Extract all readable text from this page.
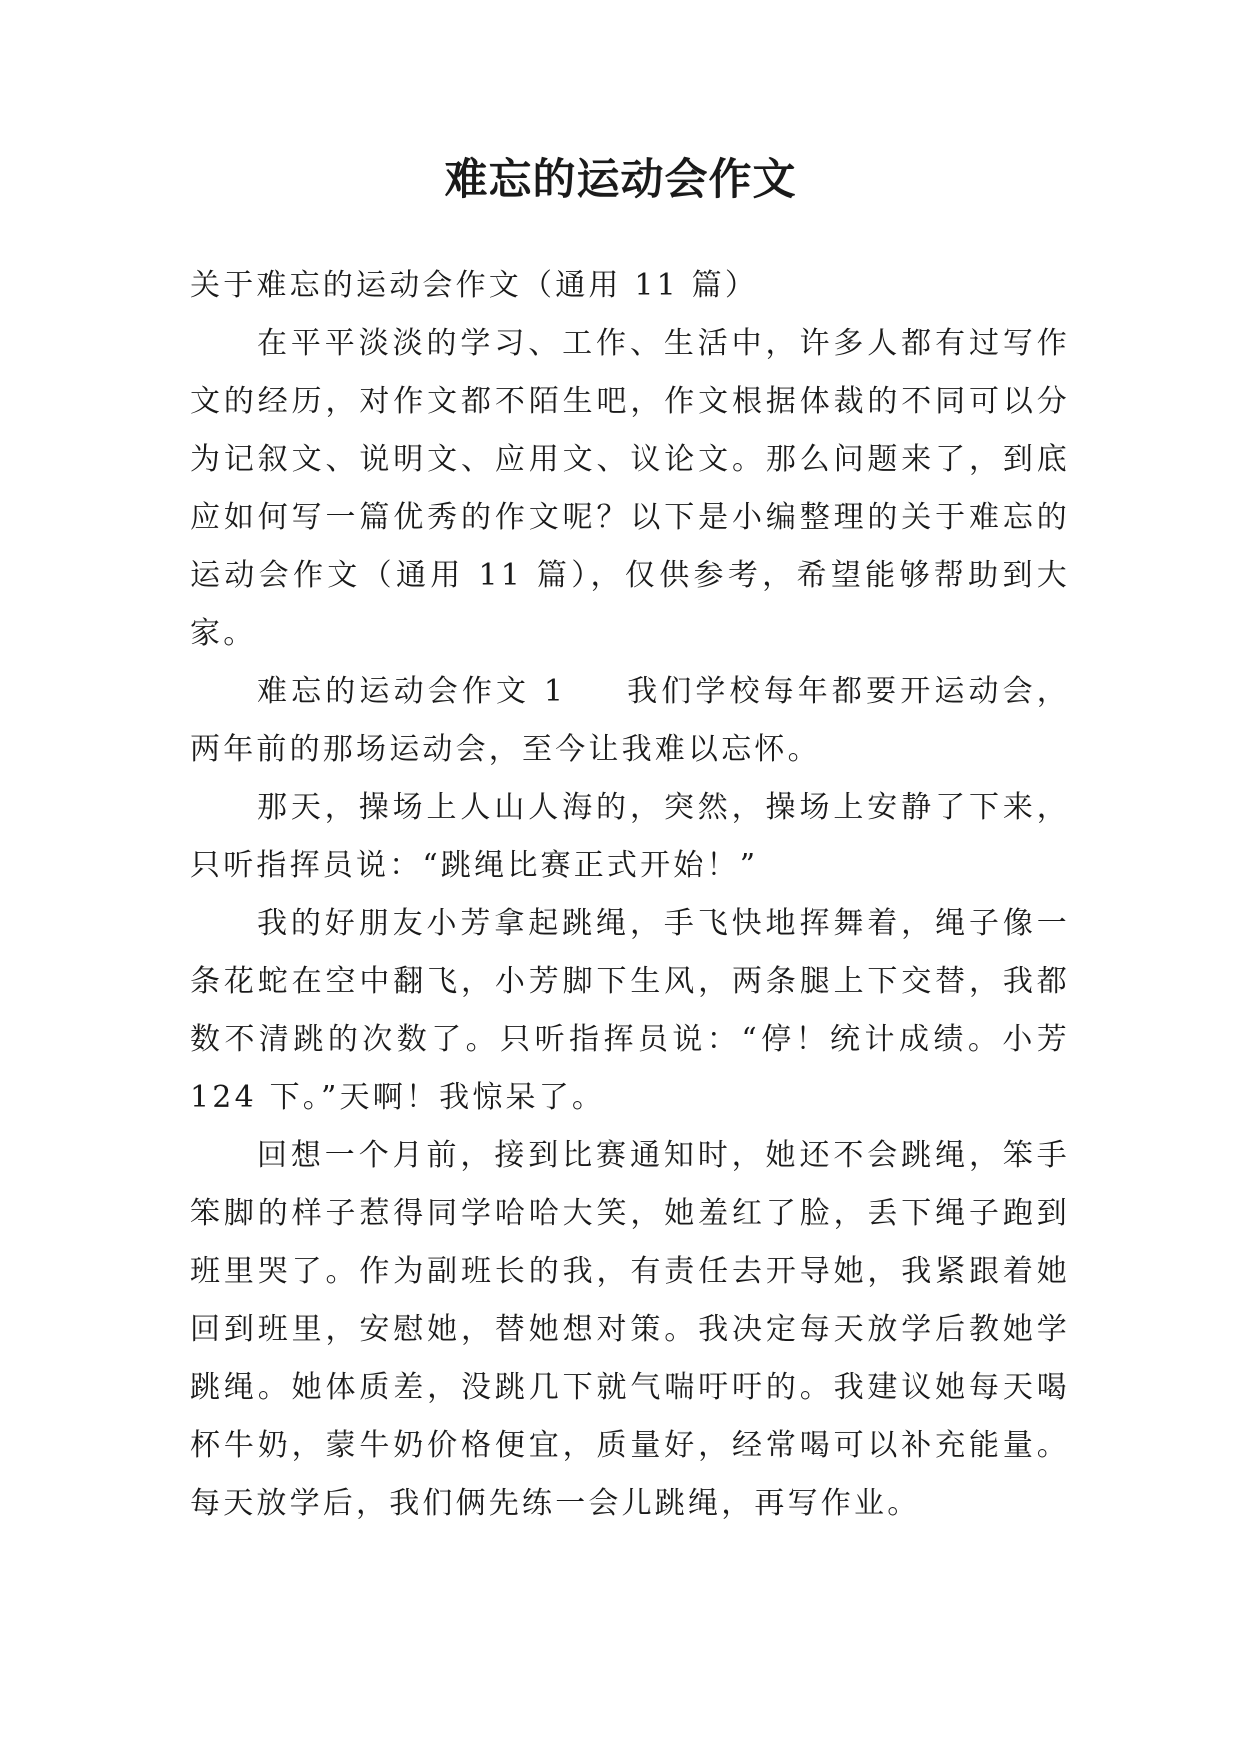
难忘的运动会作文

关于难忘的运动会作文（通用 11 篇）

在平平淡淡的学习、工作、生活中，许多人都有过写作文的经历，对作文都不陌生吧，作文根据体裁的不同可以分为记叙文、说明文、应用文、议论文。那么问题来了，到底应如何写一篇优秀的作文呢？以下是小编整理的关于难忘的运动会作文（通用 11 篇），仅供参考，希望能够帮助到大家。

难忘的运动会作文 1 我们学校每年都要开运动会，两年前的那场运动会，至今让我难以忘怀。

那天，操场上人山人海的，突然，操场上安静了下来，只听指挥员说：“跳绳比赛正式开始！”

我的好朋友小芳拿起跳绳，手飞快地挥舞着，绳子像一条花蛇在空中翻飞，小芳脚下生风，两条腿上下交替，我都数不清跳的次数了。只听指挥员说：“停！统计成绩。小芳 124 下。”天啊！我惊呆了。

回想一个月前，接到比赛通知时，她还不会跳绳，笨手笨脚的样子惹得同学哈哈大笑，她羞红了脸，丢下绳子跑到班里哭了。作为副班长的我，有责任去开导她，我紧跟着她回到班里，安慰她，替她想对策。我决定每天放学后教她学跳绳。她体质差，没跳几下就气喘吁吁的。我建议她每天喝杯牛奶，蒙牛奶价格便宜，质量好，经常喝可以补充能量。每天放学后，我们俩先练一会儿跳绳，再写作业。
